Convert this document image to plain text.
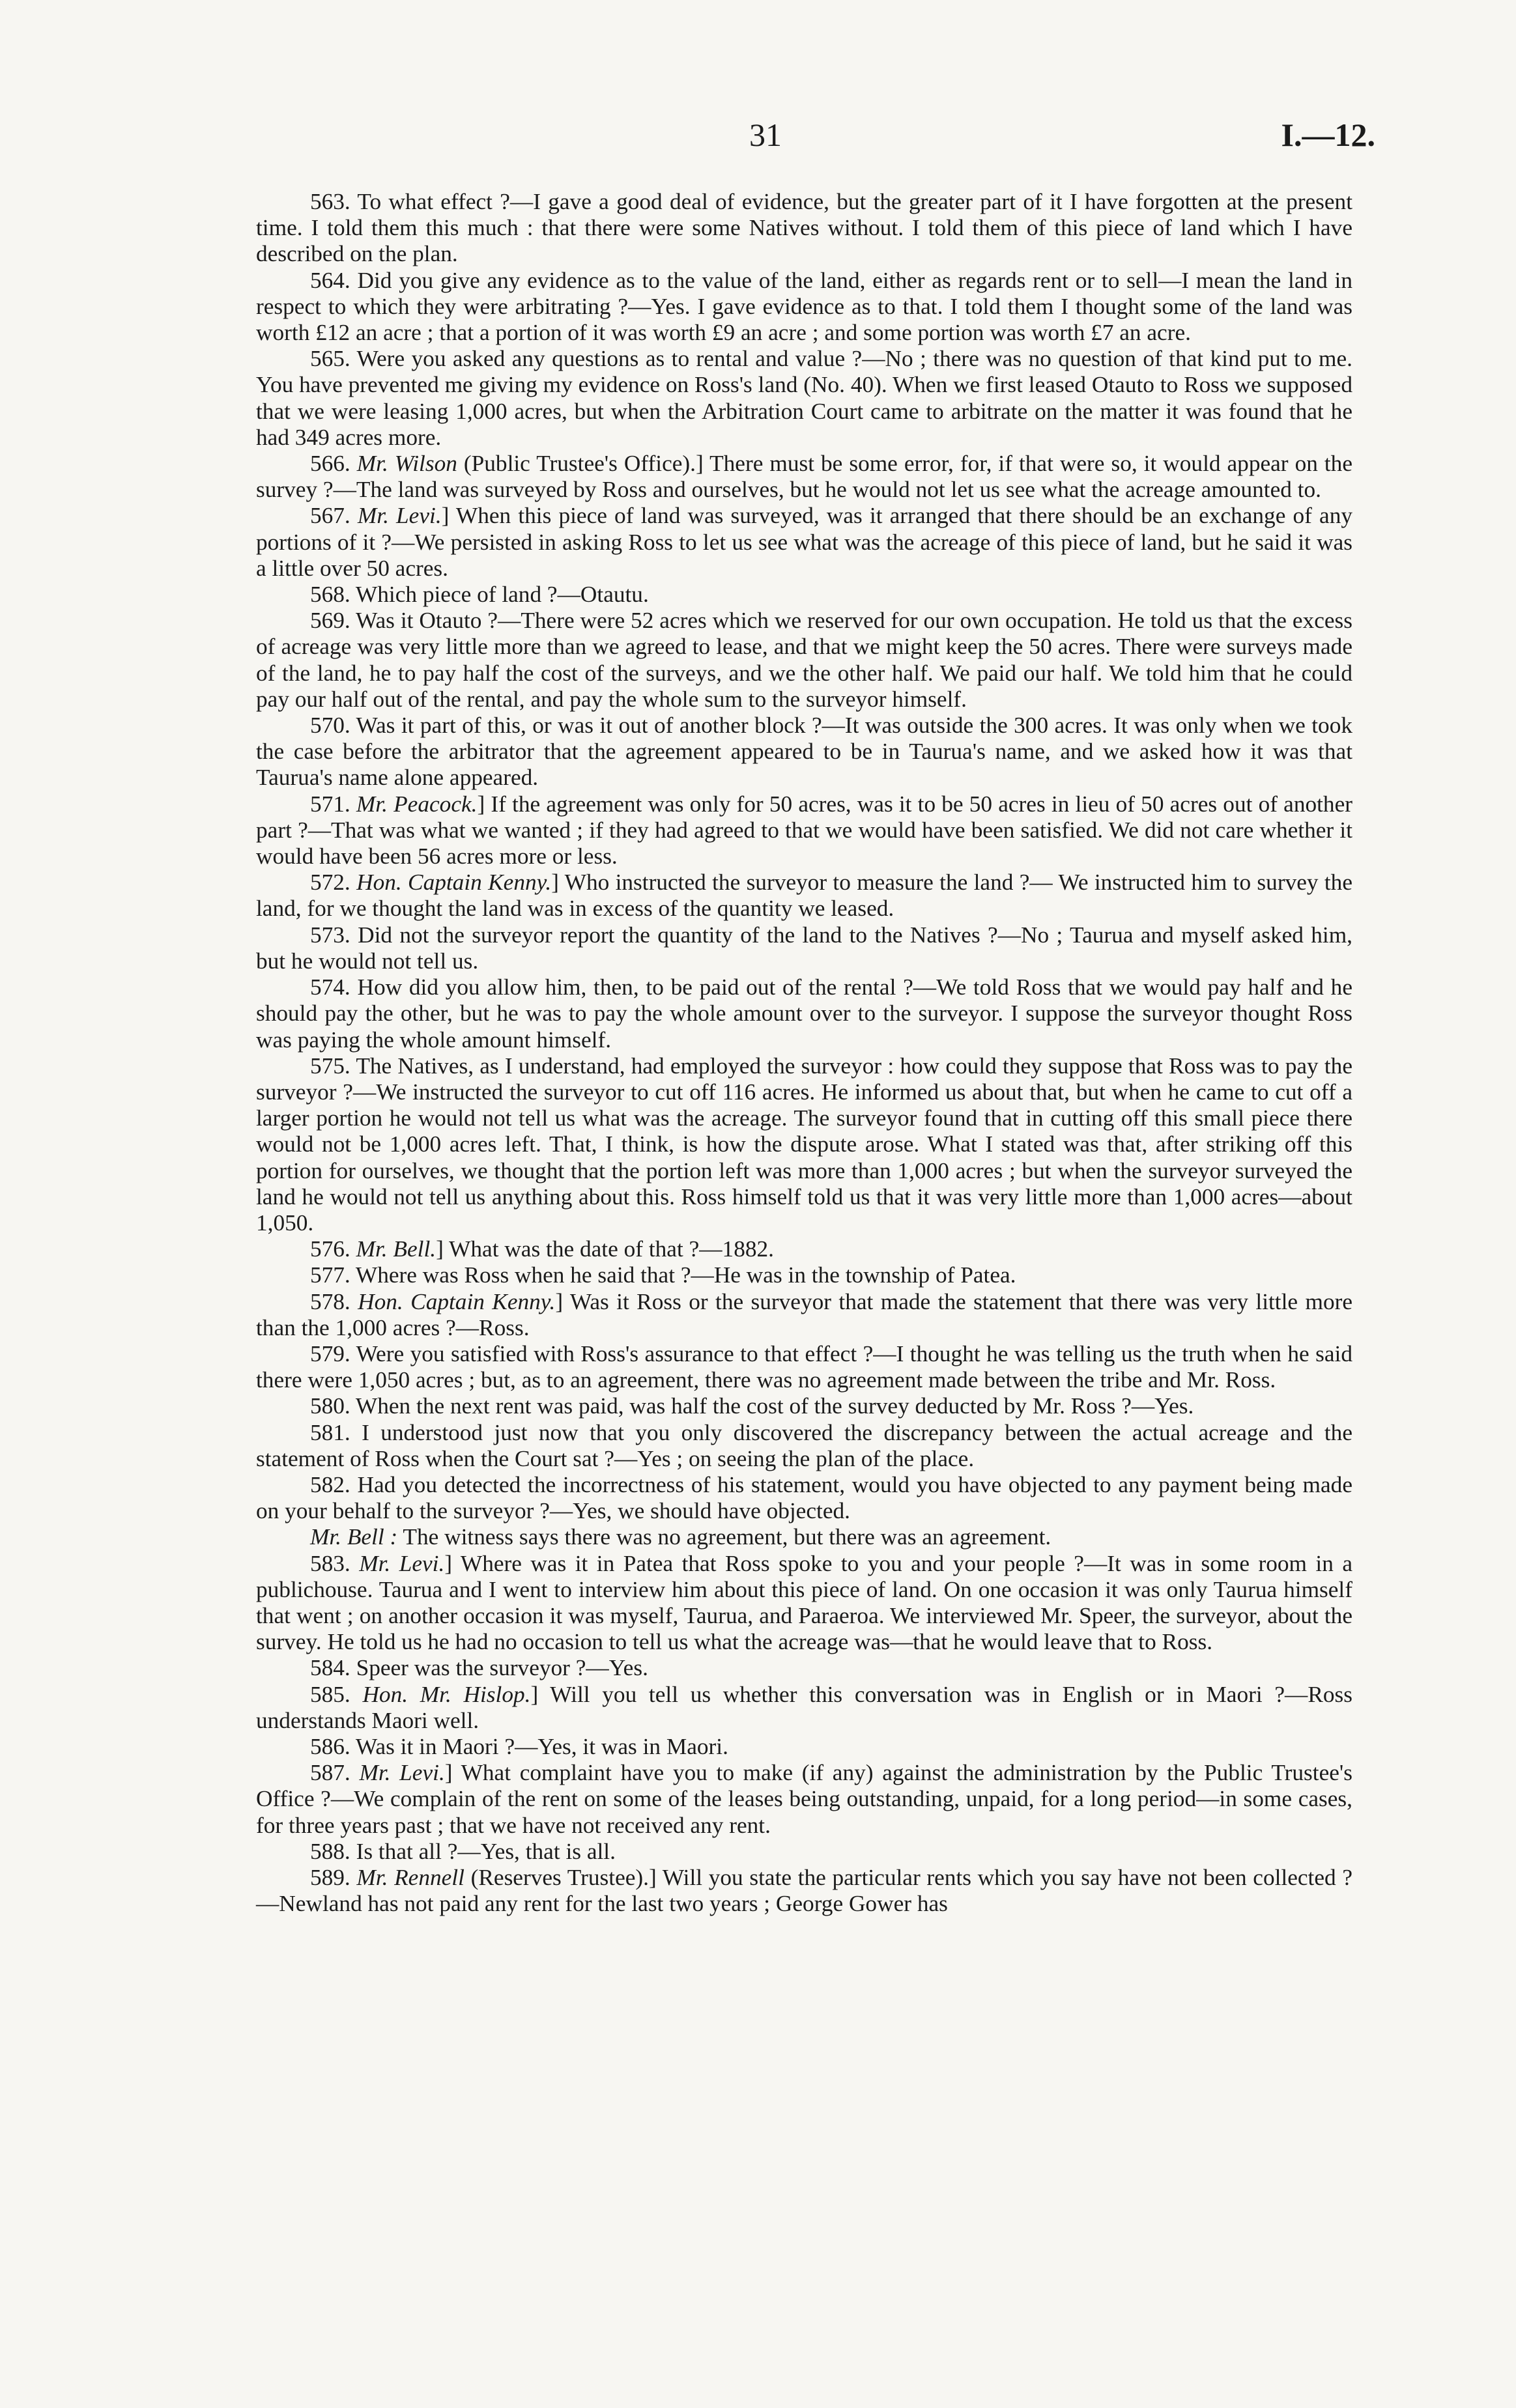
31	I.—12.

563. To what effect ?—I gave a good deal of evidence, but the greater part of it I have forgotten at the present time. I told them this much : that there were some Natives without. I told them of this piece of land which I have described on the plan.

564. Did you give any evidence as to the value of the land, either as regards rent or to sell—I mean the land in respect to which they were arbitrating ?—Yes. I gave evidence as to that. I told them I thought some of the land was worth £12 an acre ; that a portion of it was worth £9 an acre ; and some portion was worth £7 an acre.

565. Were you asked any questions as to rental and value ?—No ; there was no question of that kind put to me. You have prevented me giving my evidence on Ross's land (No. 40). When we first leased Otauto to Ross we supposed that we were leasing 1,000 acres, but when the Arbitration Court came to arbitrate on the matter it was found that he had 349 acres more.

566. Mr. Wilson (Public Trustee's Office).] There must be some error, for, if that were so, it would appear on the survey ?—The land was surveyed by Ross and ourselves, but he would not let us see what the acreage amounted to.

567. Mr. Levi.] When this piece of land was surveyed, was it arranged that there should be an exchange of any portions of it ?—We persisted in asking Ross to let us see what was the acreage of this piece of land, but he said it was a little over 50 acres.

568. Which piece of land ?—Otautu.

569. Was it Otauto ?—There were 52 acres which we reserved for our own occupation. He told us that the excess of acreage was very little more than we agreed to lease, and that we might keep the 50 acres. There were surveys made of the land, he to pay half the cost of the surveys, and we the other half. We paid our half. We told him that he could pay our half out of the rental, and pay the whole sum to the surveyor himself.

570. Was it part of this, or was it out of another block ?—It was outside the 300 acres. It was only when we took the case before the arbitrator that the agreement appeared to be in Taurua's name, and we asked how it was that Taurua's name alone appeared.

571. Mr. Peacock.] If the agreement was only for 50 acres, was it to be 50 acres in lieu of 50 acres out of another part ?—That was what we wanted ; if they had agreed to that we would have been satisfied. We did not care whether it would have been 56 acres more or less.

572. Hon. Captain Kenny.] Who instructed the surveyor to measure the land ?— We instructed him to survey the land, for we thought the land was in excess of the quantity we leased.

573. Did not the surveyor report the quantity of the land to the Natives ?—No ; Taurua and myself asked him, but he would not tell us.

574. How did you allow him, then, to be paid out of the rental ?—We told Ross that we would pay half and he should pay the other, but he was to pay the whole amount over to the surveyor. I suppose the surveyor thought Ross was paying the whole amount himself.

575. The Natives, as I understand, had employed the surveyor : how could they suppose that Ross was to pay the surveyor ?—We instructed the surveyor to cut off 116 acres. He informed us about that, but when he came to cut off a larger portion he would not tell us what was the acreage. The surveyor found that in cutting off this small piece there would not be 1,000 acres left. That, I think, is how the dispute arose. What I stated was that, after striking off this portion for ourselves, we thought that the portion left was more than 1,000 acres ; but when the surveyor surveyed the land he would not tell us anything about this. Ross himself told us that it was very little more than 1,000 acres—about 1,050.

576. Mr. Bell.] What was the date of that ?—1882.

577. Where was Ross when he said that ?—He was in the township of Patea.

578. Hon. Captain Kenny.] Was it Ross or the surveyor that made the statement that there was very little more than the 1,000 acres ?—Ross.

579. Were you satisfied with Ross's assurance to that effect ?—I thought he was telling us the truth when he said there were 1,050 acres ; but, as to an agreement, there was no agreement made between the tribe and Mr. Ross.

580. When the next rent was paid, was half the cost of the survey deducted by Mr. Ross ?—Yes.

581. I understood just now that you only discovered the discrepancy between the actual acreage and the statement of Ross when the Court sat ?—Yes ; on seeing the plan of the place.

582. Had you detected the incorrectness of his statement, would you have objected to any payment being made on your behalf to the surveyor ?—Yes, we should have objected.

Mr. Bell : The witness says there was no agreement, but there was an agreement.

583. Mr. Levi.] Where was it in Patea that Ross spoke to you and your people ?—It was in some room in a publichouse. Taurua and I went to interview him about this piece of land. On one occasion it was only Taurua himself that went ; on another occasion it was myself, Taurua, and Paraeroa. We interviewed Mr. Speer, the surveyor, about the survey. He told us he had no occasion to tell us what the acreage was—that he would leave that to Ross.

584. Speer was the surveyor ?—Yes.

585. Hon. Mr. Hislop.] Will you tell us whether this conversation was in English or in Maori ?—Ross understands Maori well.

586. Was it in Maori ?—Yes, it was in Maori.

587. Mr. Levi.] What complaint have you to make (if any) against the administration by the Public Trustee's Office ?—We complain of the rent on some of the leases being outstanding, unpaid, for a long period—in some cases, for three years past ; that we have not received any rent.

588. Is that all ?—Yes, that is all.

589. Mr. Rennell (Reserves Trustee).] Will you state the particular rents which you say have not been collected ?—Newland has not paid any rent for the last two years ; George Gower has
